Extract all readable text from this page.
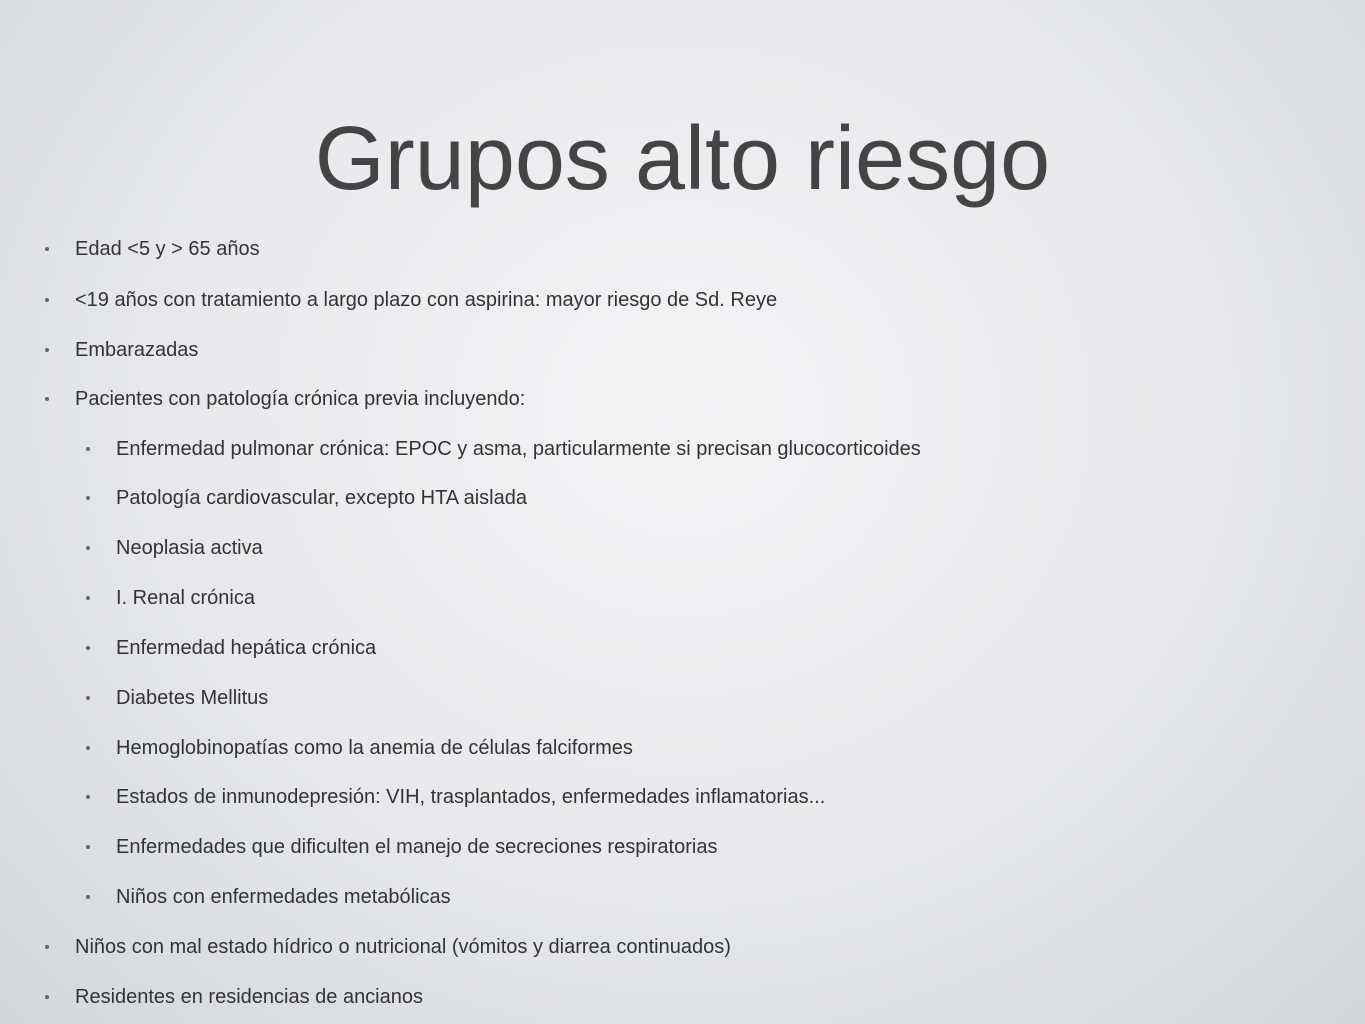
Grupos alto riesgo
Edad <5 y > 65 años
<19 años con tratamiento a largo plazo con aspirina: mayor riesgo de Sd. Reye
Embarazadas
Pacientes con patología crónica previa incluyendo:
Enfermedad pulmonar crónica: EPOC y asma, particularmente si precisan glucocorticoides
Patología cardiovascular, excepto HTA aislada
Neoplasia activa
I. Renal crónica
Enfermedad hepática crónica
Diabetes Mellitus
Hemoglobinopatías como la anemia de células falciformes
Estados de inmunodepresión: VIH, trasplantados, enfermedades inflamatorias...
Enfermedades que dificulten el manejo de secreciones respiratorias
Niños con enfermedades metabólicas
Niños con mal estado hídrico o nutricional (vómitos y diarrea continuados)
Residentes en residencias de ancianos
